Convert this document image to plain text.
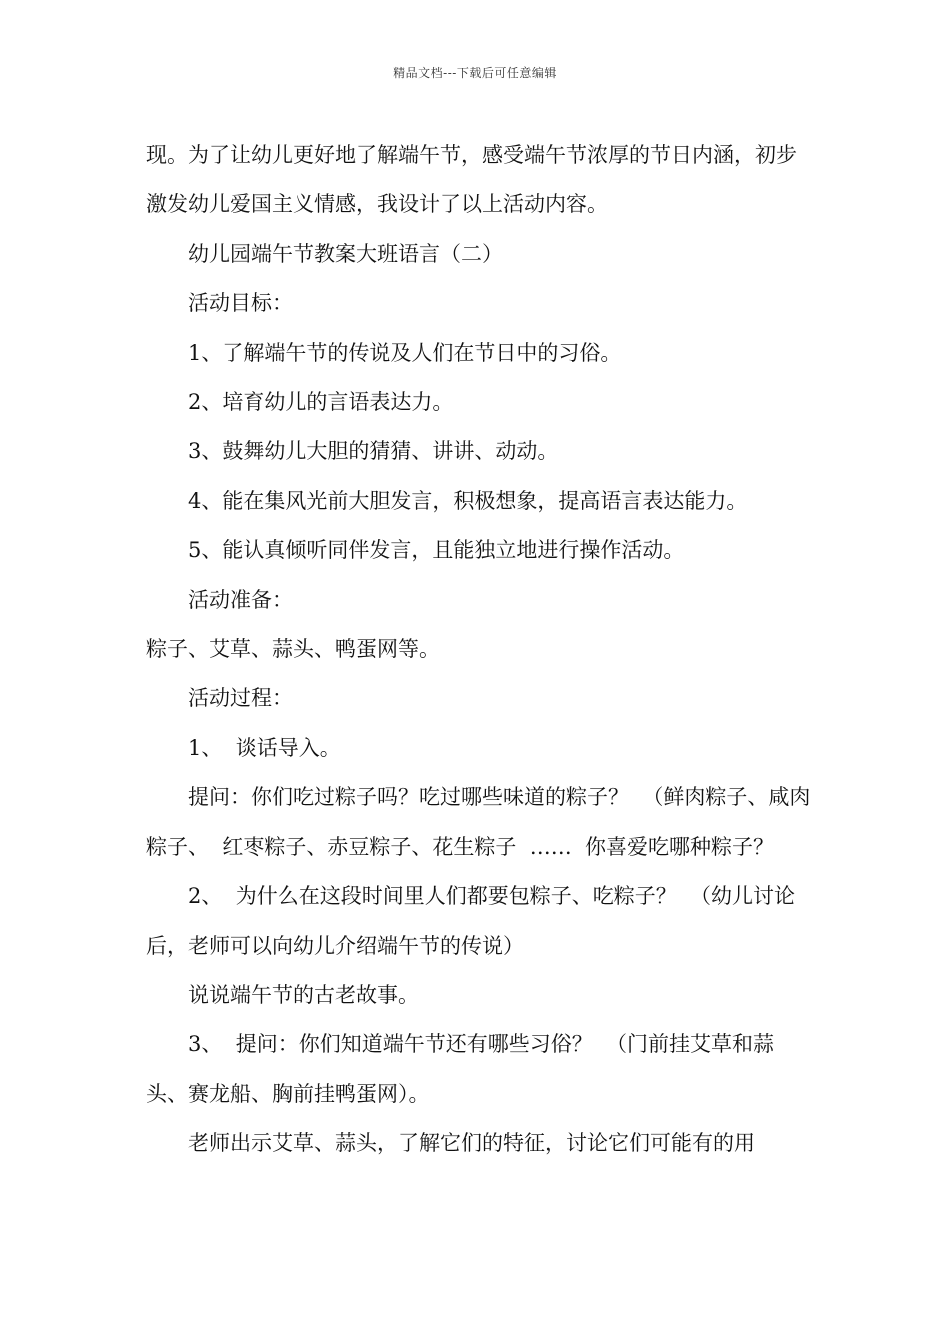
精品文档---下载后可任意编辑

现。为了让幼儿更好地了解端午节，感受端午节浓厚的节日内涵，初步激发幼儿爱国主义情感，我设计了以上活动内容。

幼儿园端午节教案大班语言（二）

活动目标：

1、了解端午节的传说及人们在节日中的习俗。

2、培育幼儿的言语表达力。

3、鼓舞幼儿大胆的猜猜、讲讲、动动。

4、能在集风光前大胆发言，积极想象，提高语言表达能力。

5、能认真倾听同伴发言，且能独立地进行操作活动。

活动准备：

粽子、艾草、蒜头、鸭蛋网等。

活动过程：

1、  谈话导入。

提问：你们吃过粽子吗？吃过哪些味道的粽子？  （鲜肉粽子、咸肉粽子、  红枣粽子、赤豆粽子、花生粽子  ……  你喜爱吃哪种粽子？

2、  为什么在这段时间里人们都要包粽子、吃粽子？  （幼儿讨论后，老师可以向幼儿介绍端午节的传说）

说说端午节的古老故事。

3、  提问：你们知道端午节还有哪些习俗？  （门前挂艾草和蒜头、赛龙船、胸前挂鸭蛋网）。

老师出示艾草、蒜头，了解它们的特征，讨论它们可能有的用
